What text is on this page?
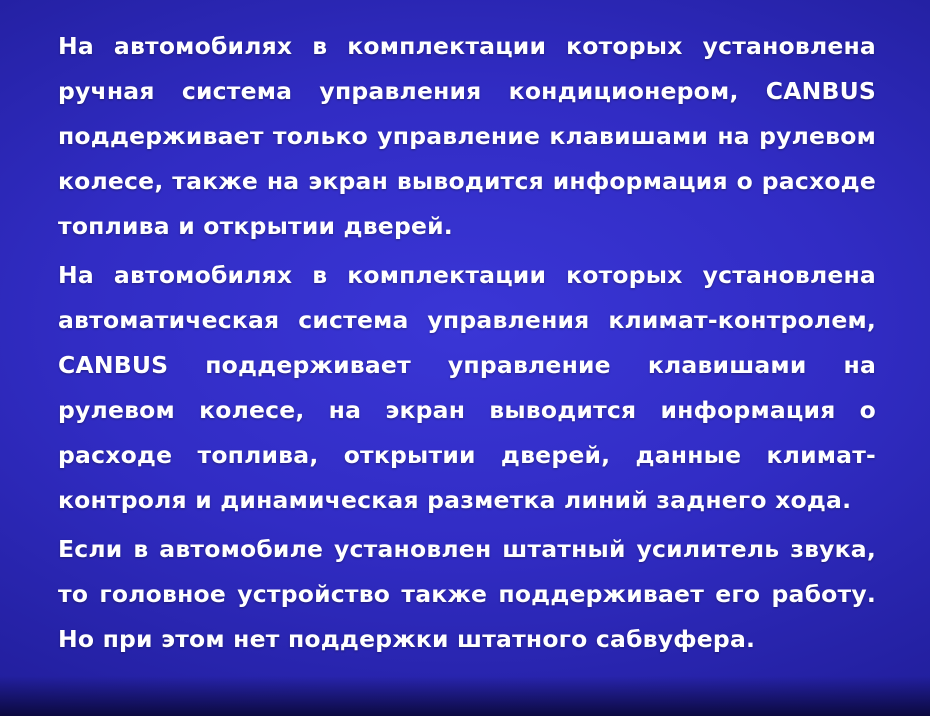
На автомобилях в комплектации которых установлена ручная система управления кондиционером, CANBUS поддерживает только управление клавишами на рулевом колесе, также на экран выводится информация о расходе топлива и открытии дверей.

На автомобилях в комплектации которых установлена автоматическая система управления климат-контролем, CANBUS поддерживает управление клавишами на рулевом колесе, на экран выводится информация о расходе топлива, открытии дверей, данные климат-контроля и динамическая разметка линий заднего хода.

Если в автомобиле установлен штатный усилитель звука, то головное устройство также поддерживает его работу. Но при этом нет поддержки штатного сабвуфера.
